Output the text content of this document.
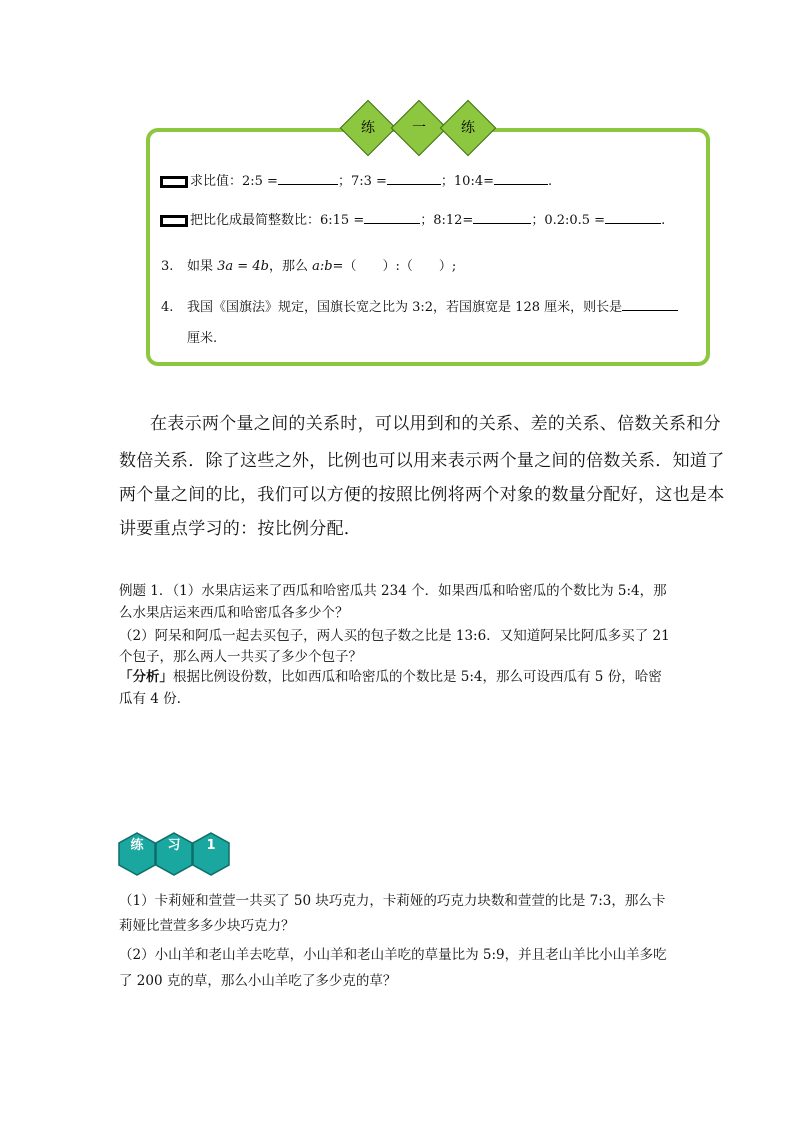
练	一	练
求比值：2:5 =	；7:3 =	；10:4=	.
把比化成最简整数比：6:15 =	；8:12=	；0.2:0.5 =	.
3. 如果 3a = 4b，那么 a:b=（　　）:（　　）;
4. 我国《国旗法》规定，国旗长宽之比为 3:2，若国旗宽是 128 厘米，则长是
厘米.
在表示两个量之间的关系时，可以用到和的关系、差的关系、倍数关系和分
数倍关系．除了这些之外，比例也可以用来表示两个量之间的倍数关系．知道了
两个量之间的比，我们可以方便的按照比例将两个对象的数量分配好，这也是本
讲要重点学习的：按比例分配．
例题 1．（1）水果店运来了西瓜和哈密瓜共 234 个．如果西瓜和哈密瓜的个数比为 5:4，那
么水果店运来西瓜和哈密瓜各多少个？
（2）阿呆和阿瓜一起去买包子，两人买的包子数之比是 13:6．又知道阿呆比阿瓜多买了 21
个包子，那么两人一共买了多少个包子？
「分析」根据比例设份数，比如西瓜和哈密瓜的个数比是 5:4，那么可设西瓜有 5 份，哈密
瓜有 4 份.
练	习	1
（1）卡莉娅和萱萱一共买了 50 块巧克力，卡莉娅的巧克力块数和萱萱的比是 7:3，那么卡
莉娅比萱萱多多少块巧克力？
（2）小山羊和老山羊去吃草，小山羊和老山羊吃的草量比为 5:9，并且老山羊比小山羊多吃
了 200 克的草，那么小山羊吃了多少克的草？
